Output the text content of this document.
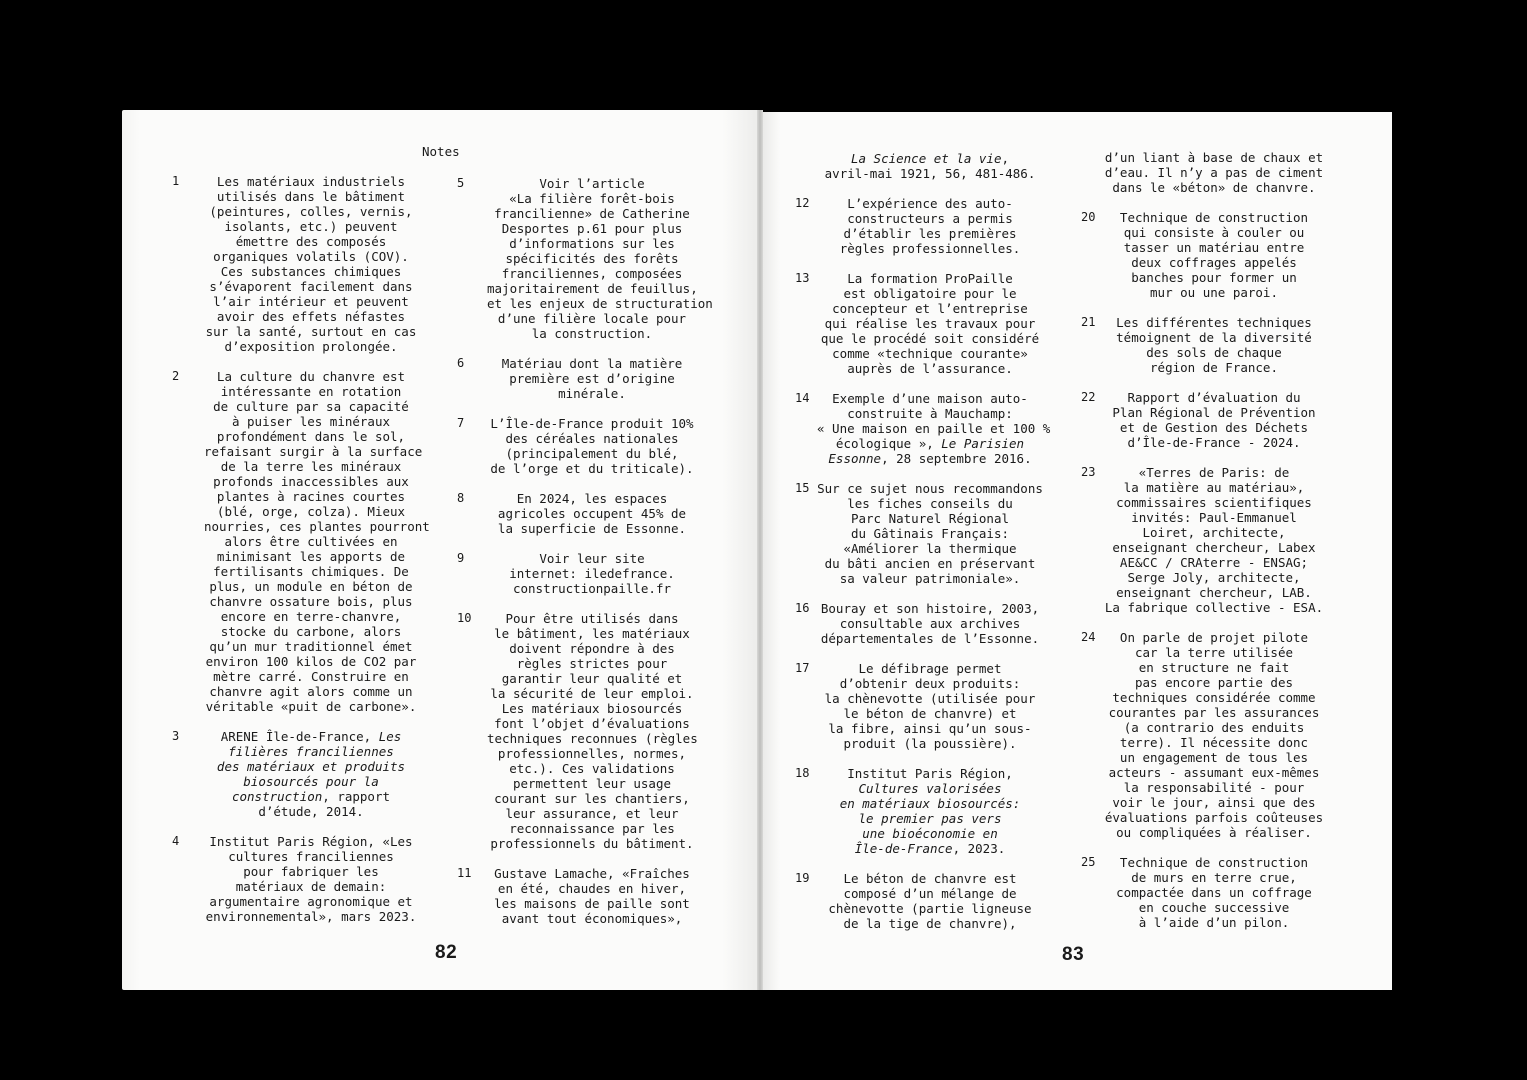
Notes
1	Les matériaux industriels
utilisés dans le bâtiment
(peintures, colles, vernis,
isolants, etc.) peuvent
émettre des composés
organiques volatils (COV).
Ces substances chimiques
s’évaporent facilement dans
l’air intérieur et peuvent
avoir des effets néfastes
sur la santé, surtout en cas
d’exposition prolongée.
2	La culture du chanvre est
intéressante en rotation
de culture par sa capacité
à puiser les minéraux
profondément dans le sol,
refaisant surgir à la surface
de la terre les minéraux
profonds inaccessibles aux
plantes à racines courtes
(blé, orge, colza). Mieux
nourries, ces plantes pourront
alors être cultivées en
minimisant les apports de
fertilisants chimiques. De
plus, un module en béton de
chanvre ossature bois, plus
encore en terre-chanvre,
stocke du carbone, alors
qu’un mur traditionnel émet
environ 100 kilos de CO2 par
mètre carré. Construire en
chanvre agit alors comme un
véritable «puit de carbone».
3	ARENE Île-de-France, Les
filières franciliennes
des matériaux et produits
biosourcés pour la
construction, rapport
d’étude, 2014.
4	Institut Paris Région, «Les
cultures franciliennes
pour fabriquer les
matériaux de demain:
argumentaire agronomique et
environnemental», mars 2023.
5	Voir l’article
«La filière forêt-bois
francilienne» de Catherine
Desportes p.61 pour plus
d’informations sur les
spécificités des forêts
franciliennes, composées
majoritairement de feuillus,
et les enjeux de structuration
d’une filière locale pour
la construction.
6	Matériau dont la matière
première est d’origine
minérale.
7 L’Île-de-France produit 10%
des céréales nationales
(principalement du blé,
de l’orge et du triticale).
8	En 2024, les espaces
agricoles occupent 45% de
la superficie de Essonne.
9	Voir leur site
internet: iledefrance.
constructionpaille.fr
10	Pour être utilisés dans
le bâtiment, les matériaux
doivent répondre à des
règles strictes pour
garantir leur qualité et
la sécurité de leur emploi.
Les matériaux biosourcés
font l’objet d’évaluations
techniques reconnues (règles
professionnelles, normes,
etc.). Ces validations
permettent leur usage
courant sur les chantiers,
leur assurance, et leur
reconnaissance par les
professionnels du bâtiment.
11	Gustave Lamache, «Fraîches
en été, chaudes en hiver,
les maisons de paille sont
avant tout économiques»,
La Science et la vie,
avril-mai 1921, 56, 481-486.
12	L’expérience des auto-
constructeurs a permis
d’établir les premières
règles professionnelles.
13	La formation ProPaille
est obligatoire pour le
concepteur et l’entreprise
qui réalise les travaux pour
que le procédé soit considéré
comme «technique courante»
auprès de l’assurance.
14	Exemple d’une maison auto-
construite à Mauchamp:
« Une maison en paille et 100 %
écologique », Le Parisien
Essonne, 28 septembre 2016.
15 Sur ce sujet nous recommandons
les fiches conseils du
Parc Naturel Régional
du Gâtinais Français:
«Améliorer la thermique
du bâti ancien en préservant
sa valeur patrimoniale».
16 Bouray et son histoire, 2003,
consultable aux archives
départementales de l’Essonne.
17	Le défibrage permet
d’obtenir deux produits:
la chènevotte (utilisée pour
le béton de chanvre) et
la fibre, ainsi qu’un sous-
produit (la poussière).
18	Institut Paris Région,
Cultures valorisées
en matériaux biosourcés:
le premier pas vers
une bioéconomie en
Île-de-France, 2023.
19	Le béton de chanvre est
composé d’un mélange de
chènevotte (partie ligneuse
de la tige de chanvre),
d’un liant à base de chaux et
d’eau. Il n’y a pas de ciment
dans le «béton» de chanvre.
20	Technique de construction
qui consiste à couler ou
tasser un matériau entre
deux coffrages appelés
banches pour former un
mur ou une paroi.
21	Les différentes techniques
témoignent de la diversité
des sols de chaque
région de France.
22	Rapport d’évaluation du
Plan Régional de Prévention
et de Gestion des Déchets
d’Île-de-France - 2024.
23	«Terres de Paris: de
la matière au matériau»,
commissaires scientifiques
invités: Paul-Emmanuel
Loiret, architecte,
enseignant chercheur, Labex
AE&CC / CRAterre - ENSAG;
Serge Joly, architecte,
enseignant chercheur, LAB.
La fabrique collective - ESA.
24	On parle de projet pilote
car la terre utilisée
en structure ne fait
pas encore partie des
techniques considérée comme
courantes par les assurances
(a contrario des enduits
terre). Il nécessite donc
un engagement de tous les
acteurs - assumant eux-mêmes
la responsabilité - pour
voir le jour, ainsi que des
évaluations parfois coûteuses
ou compliquées à réaliser.
25	Technique de construction
de murs en terre crue,
compactée dans un coffrage
en couche successive
à l’aide d’un pilon.
82	83
